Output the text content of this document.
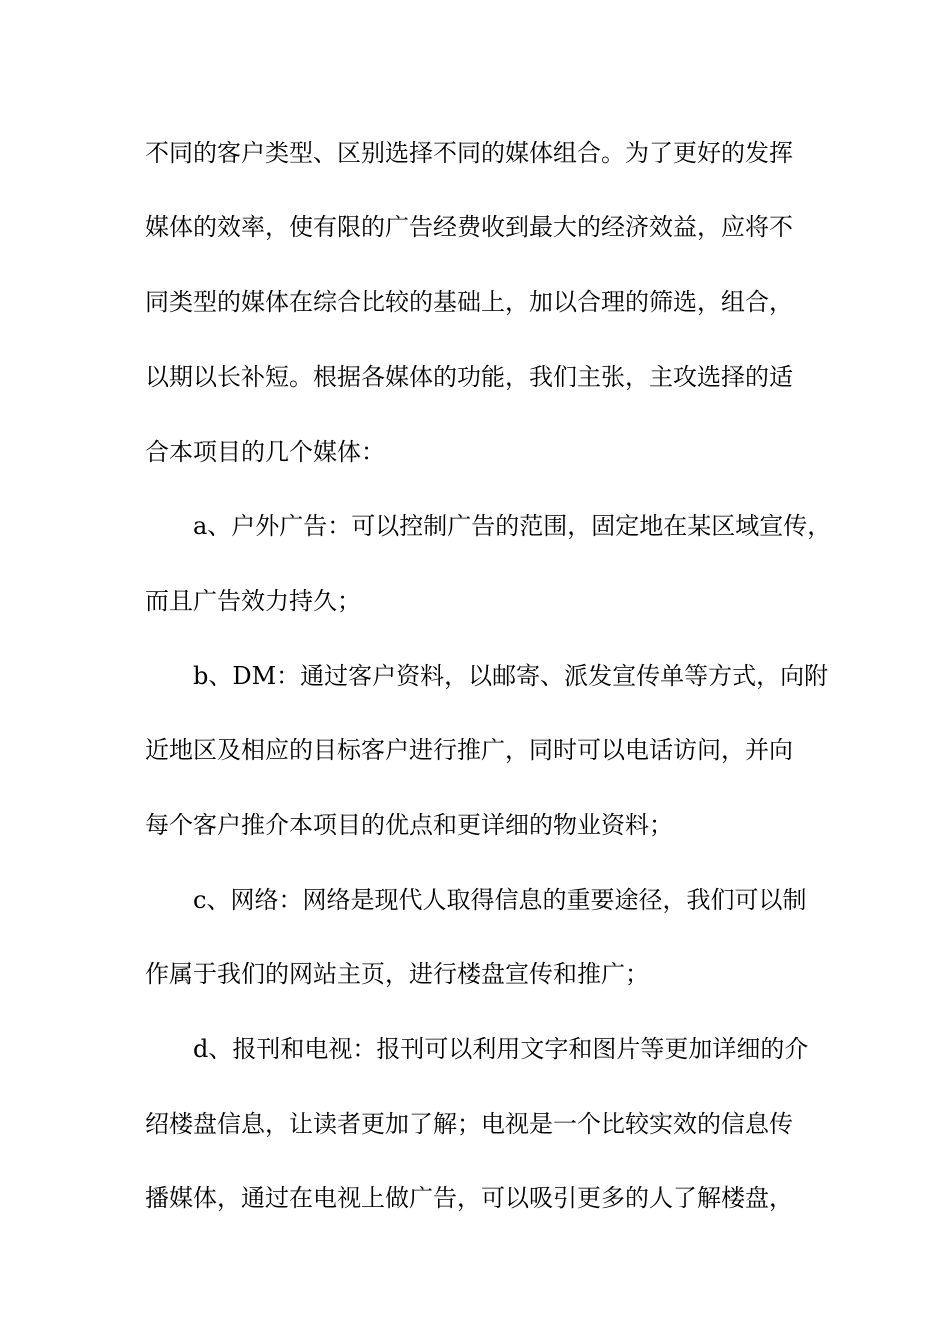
不同的客户类型、区别选择不同的媒体组合。为了更好的发挥
媒体的效率，使有限的广告经费收到最大的经济效益，应将不
同类型的媒体在综合比较的基础上，加以合理的筛选，组合，
以期以长补短。根据各媒体的功能，我们主张，主攻选择的适
合本项目的几个媒体：
a、户外广告：可以控制广告的范围，固定地在某区域宣传，
而且广告效力持久；
b、DM：通过客户资料，以邮寄、派发宣传单等方式，向附
近地区及相应的目标客户进行推广，同时可以电话访问，并向
每个客户推介本项目的优点和更详细的物业资料；
c、网络：网络是现代人取得信息的重要途径，我们可以制
作属于我们的网站主页，进行楼盘宣传和推广；
d、报刊和电视：报刊可以利用文字和图片等更加详细的介
绍楼盘信息，让读者更加了解；电视是一个比较实效的信息传
播媒体，通过在电视上做广告，可以吸引更多的人了解楼盘，
